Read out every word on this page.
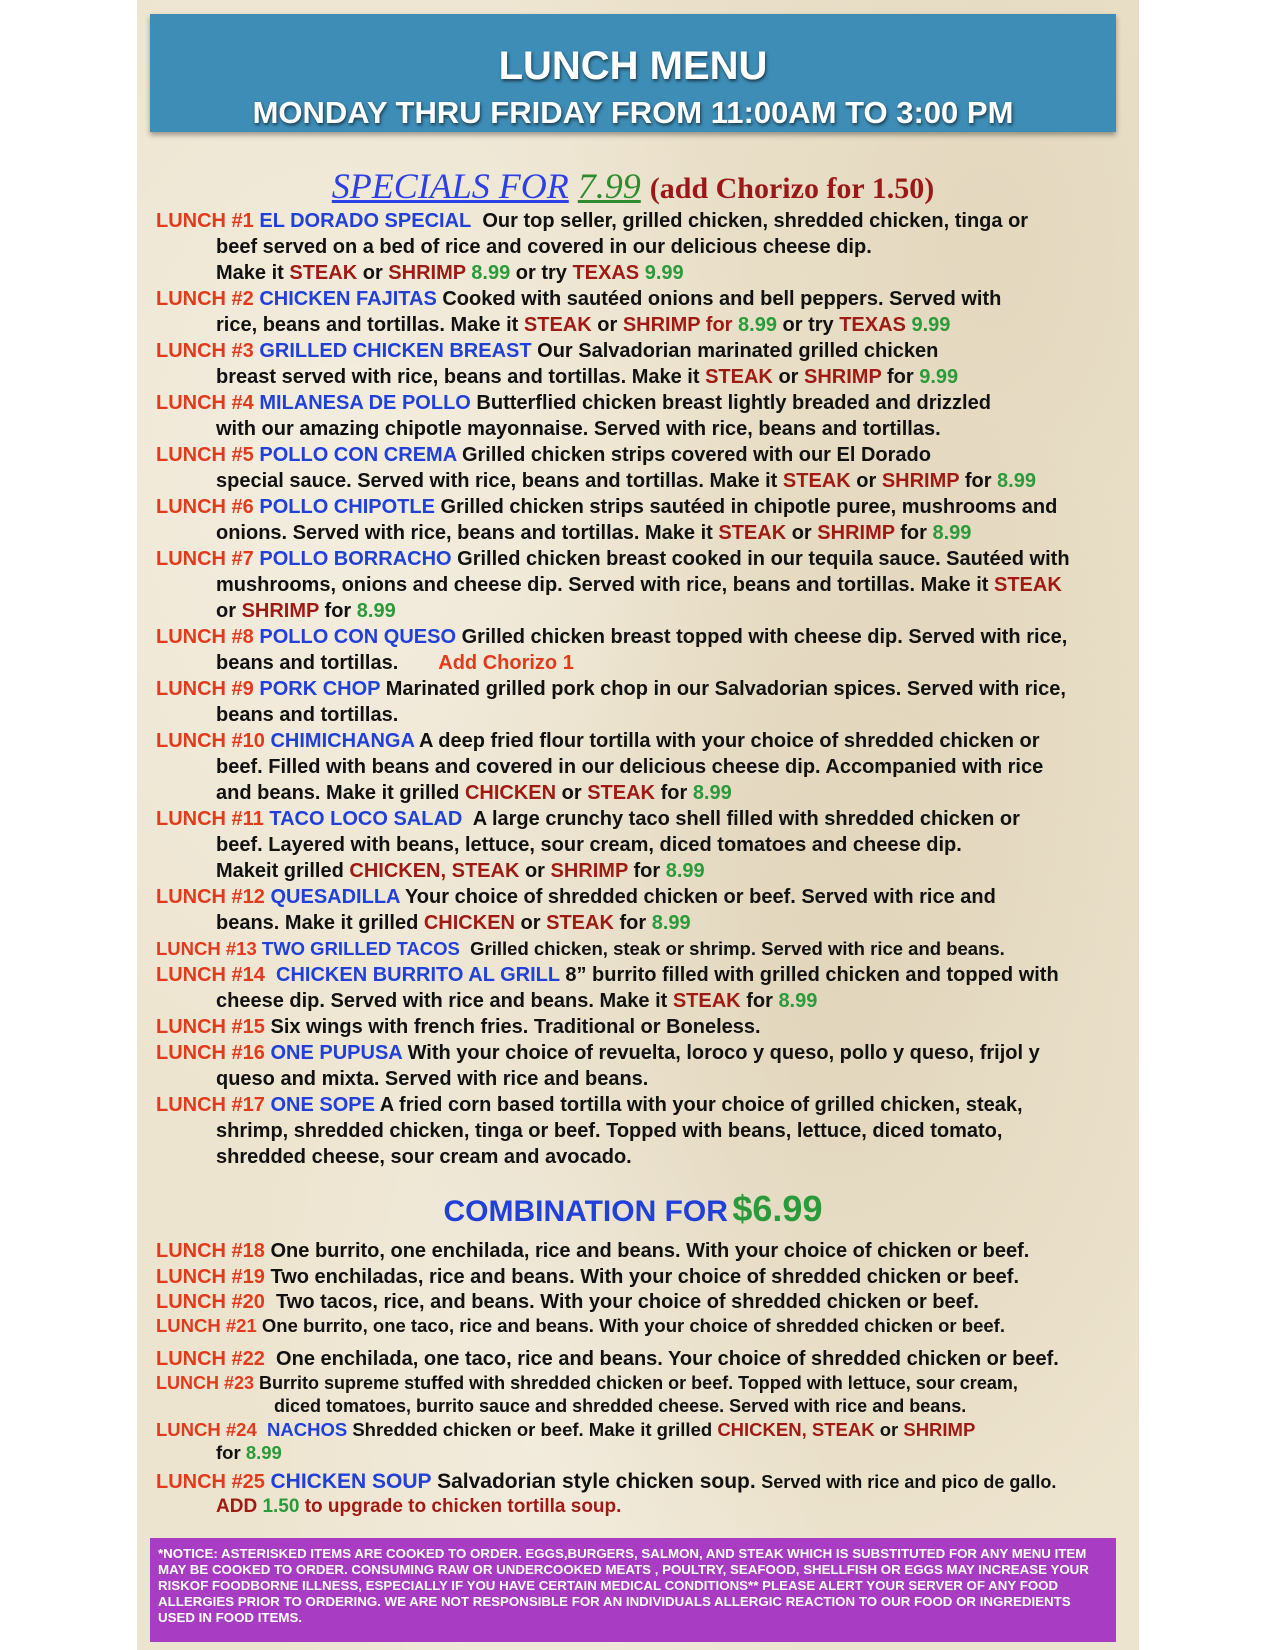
LUNCH MENU
MONDAY THRU FRIDAY FROM 11:00AM TO 3:00 PM
SPECIALS FOR 7.99 (add Chorizo for 1.50)
LUNCH #1 EL DORADO SPECIAL Our top seller, grilled chicken, shredded chicken, tinga or
beef served on a bed of rice and covered in our delicious cheese dip.
Make it STEAK or SHRIMP 8.99 or try TEXAS 9.99
LUNCH #2 CHICKEN FAJITAS Cooked with sautéed onions and bell peppers. Served with
rice, beans and tortillas. Make it STEAK or SHRIMP for 8.99 or try TEXAS 9.99
LUNCH #3 GRILLED CHICKEN BREAST Our Salvadorian marinated grilled chicken
breast served with rice, beans and tortillas. Make it STEAK or SHRIMP for 9.99
LUNCH #4 MILANESA DE POLLO Butterflied chicken breast lightly breaded and drizzled
with our amazing chipotle mayonnaise. Served with rice, beans and tortillas.
LUNCH #5 POLLO CON CREMA Grilled chicken strips covered with our El Dorado
special sauce. Served with rice, beans and tortillas. Make it STEAK or SHRIMP for 8.99
LUNCH #6 POLLO CHIPOTLE Grilled chicken strips sautéed in chipotle puree, mushrooms and
onions. Served with rice, beans and tortillas. Make it STEAK or SHRIMP for 8.99
LUNCH #7 POLLO BORRACHO Grilled chicken breast cooked in our tequila sauce. Sautéed with
mushrooms, onions and cheese dip. Served with rice, beans and tortillas. Make it STEAK
or SHRIMP for 8.99
LUNCH #8 POLLO CON QUESO Grilled chicken breast topped with cheese dip. Served with rice,
beans and tortillas. Add Chorizo 1
LUNCH #9 PORK CHOP Marinated grilled pork chop in our Salvadorian spices. Served with rice,
beans and tortillas.
LUNCH #10 CHIMICHANGA A deep fried flour tortilla with your choice of shredded chicken or
beef. Filled with beans and covered in our delicious cheese dip. Accompanied with rice
and beans. Make it grilled CHICKEN or STEAK for 8.99
LUNCH #11 TACO LOCO SALAD A large crunchy taco shell filled with shredded chicken or
beef. Layered with beans, lettuce, sour cream, diced tomatoes and cheese dip.
Makeit grilled CHICKEN, STEAK or SHRIMP for 8.99
LUNCH #12 QUESADILLA Your choice of shredded chicken or beef. Served with rice and
beans. Make it grilled CHICKEN or STEAK for 8.99
LUNCH #13 TWO GRILLED TACOS Grilled chicken, steak or shrimp. Served with rice and beans.
LUNCH #14 CHICKEN BURRITO AL GRILL 8” burrito filled with grilled chicken and topped with
cheese dip. Served with rice and beans. Make it STEAK for 8.99
LUNCH #15 Six wings with french fries. Traditional or Boneless.
LUNCH #16 ONE PUPUSA With your choice of revuelta, loroco y queso, pollo y queso, frijol y
queso and mixta. Served with rice and beans.
LUNCH #17 ONE SOPE A fried corn based tortilla with your choice of grilled chicken, steak,
shrimp, shredded chicken, tinga or beef. Topped with beans, lettuce, diced tomato,
shredded cheese, sour cream and avocado.
COMBINATION FOR $6.99
LUNCH #18 One burrito, one enchilada, rice and beans. With your choice of chicken or beef.
LUNCH #19 Two enchiladas, rice and beans. With your choice of shredded chicken or beef.
LUNCH #20 Two tacos, rice, and beans. With your choice of shredded chicken or beef.
LUNCH #21 One burrito, one taco, rice and beans. With your choice of shredded chicken or beef.
LUNCH #22 One enchilada, one taco, rice and beans. Your choice of shredded chicken or beef.
LUNCH #23 Burrito supreme stuffed with shredded chicken or beef. Topped with lettuce, sour cream,
diced tomatoes, burrito sauce and shredded cheese. Served with rice and beans.
LUNCH #24 NACHOS Shredded chicken or beef. Make it grilled CHICKEN, STEAK or SHRIMP
for 8.99
LUNCH #25 CHICKEN SOUP Salvadorian style chicken soup. Served with rice and pico de gallo.
ADD 1.50 to upgrade to chicken tortilla soup.
*NOTICE: ASTERISKED ITEMS ARE COOKED TO ORDER. EGGS,BURGERS, SALMON, AND STEAK WHICH IS SUBSTITUTED FOR ANY MENU ITEM MAY BE COOKED TO ORDER. CONSUMING RAW OR UNDERCOOKED MEATS , POULTRY, SEAFOOD, SHELLFISH OR EGGS MAY INCREASE YOUR RISKOF FOODBORNE ILLNESS, ESPECIALLY IF YOU HAVE CERTAIN MEDICAL CONDITIONS** PLEASE ALERT YOUR SERVER OF ANY FOOD ALLERGIES PRIOR TO ORDERING. WE ARE NOT RESPONSIBLE FOR AN INDIVIDUALS ALLERGIC REACTION TO OUR FOOD OR INGREDIENTS USED IN FOOD ITEMS.
